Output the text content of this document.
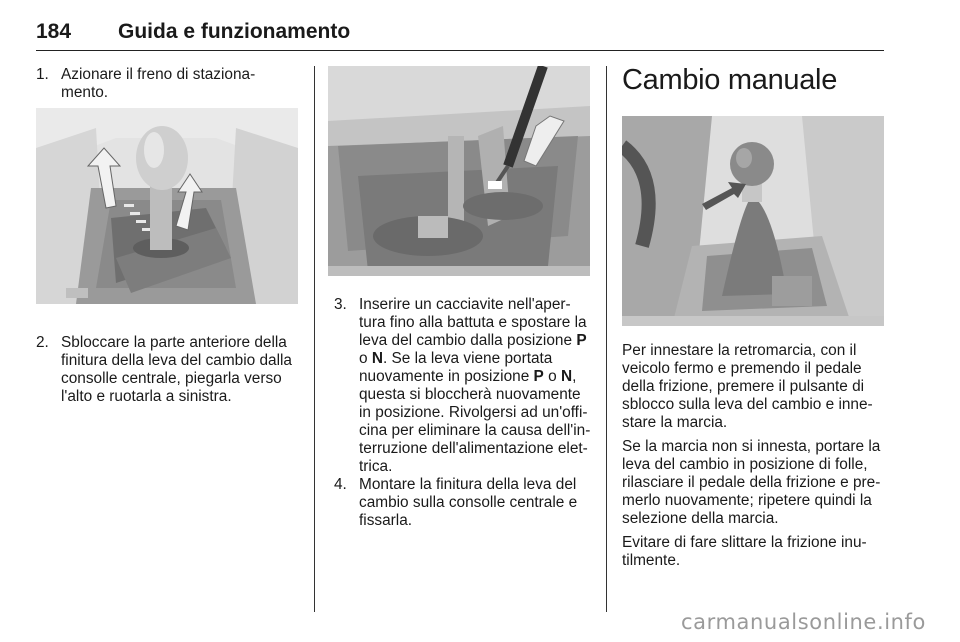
184 Guida e funzionamento
1. Azionare il freno di staziona-mento.
2. Sbloccare la parte anteriore della finitura della leva del cambio dalla consolle centrale, piegarla verso l'alto e ruotarla a sinistra.
3. Inserire un cacciavite nell'aper-tura fino alla battuta e spostare la leva del cambio dalla posizione P o N. Se la leva viene portata nuovamente in posizione P o N, questa si bloccherà nuovamente in posizione. Rivolgersi ad un'offi-cina per eliminare la causa dell'in-terruzione dell'alimentazione elet-trica.
4. Montare la finitura della leva del cambio sulla consolle centrale e fissarla.
Cambio manuale

Per innestare la retromarcia, con il veicolo fermo e premendo il pedale della frizione, premere il pulsante di sblocco sulla leva del cambio e inne-stare la marcia.

Se la marcia non si innesta, portare la leva del cambio in posizione di folle, rilasciare il pedale della frizione e pre-merlo nuovamente; ripetere quindi la selezione della marcia.

Evitare di fare slittare la frizione inu-tilmente.

carmanualsonline.info
